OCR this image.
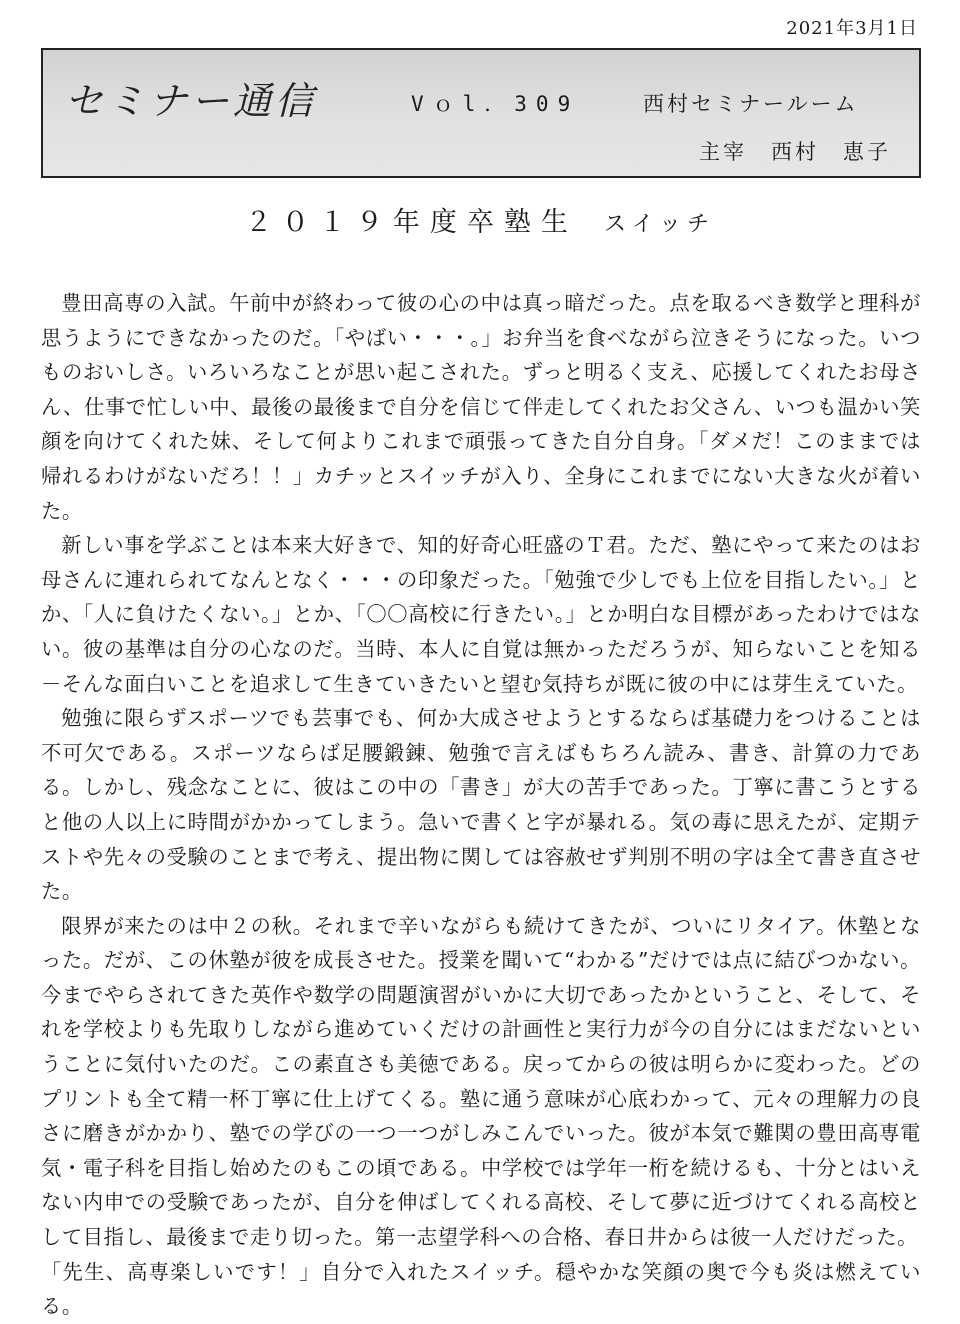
2021年3月1日
セミナー通信	Vｏl．309	西村セミナールーム
主宰　西村　恵子
２０１９年度卒塾生 スイッチ

豊田高専の入試。午前中が終わって彼の心の中は真っ暗だった。点を取るべき数学と理科が思うようにできなかったのだ。「やばい・・・。」お弁当を食べながら泣きそうになった。いつものおいしさ。いろいろなことが思い起こされた。ずっと明るく支え、応援してくれたお母さん、仕事で忙しい中、最後の最後まで自分を信じて伴走してくれたお父さん、いつも温かい笑顔を向けてくれた妹、そして何よりこれまで頑張ってきた自分自身。「ダメだ！このままでは帰れるわけがないだろ！！」カチッとスイッチが入り、全身にこれまでにない大きな火が着いた。

新しい事を学ぶことは本来大好きで、知的好奇心旺盛のＴ君。ただ、塾にやって来たのはお母さんに連れられてなんとなく・・・の印象だった。「勉強で少しでも上位を目指したい。」とか、「人に負けたくない。」とか、「〇〇高校に行きたい。」とか明白な目標があったわけではない。彼の基準は自分の心なのだ。当時、本人に自覚は無かっただろうが、知らないことを知る－そんな面白いことを追求して生きていきたいと望む気持ちが既に彼の中には芽生えていた。

勉強に限らずスポーツでも芸事でも、何か大成させようとするならば基礎力をつけることは不可欠である。スポーツならば足腰鍛錬、勉強で言えばもちろん読み、書き、計算の力である。しかし、残念なことに、彼はこの中の「書き」が大の苦手であった。丁寧に書こうとすると他の人以上に時間がかかってしまう。急いで書くと字が暴れる。気の毒に思えたが、定期テストや先々の受験のことまで考え、提出物に関しては容赦せず判別不明の字は全て書き直させた。

限界が来たのは中２の秋。それまで辛いながらも続けてきたが、ついにリタイア。休塾となった。だが、この休塾が彼を成長させた。授業を聞いて“わかる”だけでは点に結びつかない。今までやらされてきた英作や数学の問題演習がいかに大切であったかということ、そして、それを学校よりも先取りしながら進めていくだけの計画性と実行力が今の自分にはまだないということに気付いたのだ。この素直さも美徳である。戻ってからの彼は明らかに変わった。どのプリントも全て精一杯丁寧に仕上げてくる。塾に通う意味が心底わかって、元々の理解力の良さに磨きがかかり、塾での学びの一つ一つがしみこんでいった。彼が本気で難関の豊田高専電気・電子科を目指し始めたのもこの頃である。中学校では学年一桁を続けるも、十分とはいえない内申での受験であったが、自分を伸ばしてくれる高校、そして夢に近づけてくれる高校として目指し、最後まで走り切った。第一志望学科への合格、春日井からは彼一人だけだった。

「先生、高専楽しいです！」自分で入れたスイッチ。穏やかな笑顔の奥で今も炎は燃えている。
